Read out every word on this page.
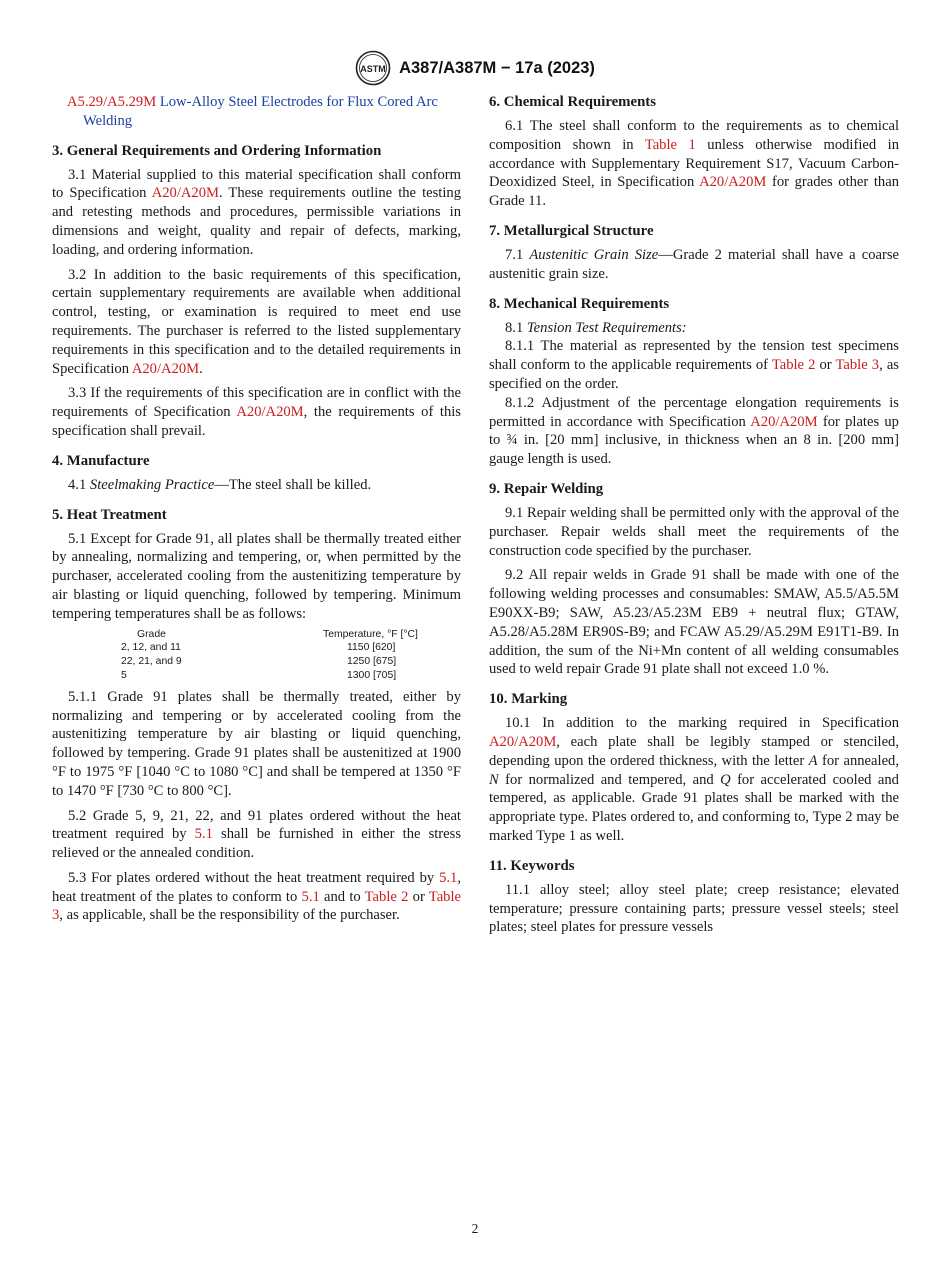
ASTM A387/A387M − 17a (2023)

A5.29/A5.29M Low-Alloy Steel Electrodes for Flux Cored Arc Welding

3. General Requirements and Ordering Information

3.1 Material supplied to this material specification shall conform to Specification A20/A20M. These requirements outline the testing and retesting methods and procedures, permissible variations in dimensions and weight, quality and repair of defects, marking, loading, and ordering information.

3.2 In addition to the basic requirements of this specification, certain supplementary requirements are available when additional control, testing, or examination is required to meet end use requirements. The purchaser is referred to the listed supplementary requirements in this specification and to the detailed requirements in Specification A20/A20M.

3.3 If the requirements of this specification are in conflict with the requirements of Specification A20/A20M, the requirements of this specification shall prevail.

4. Manufacture

4.1 Steelmaking Practice—The steel shall be killed.

5. Heat Treatment

5.1 Except for Grade 91, all plates shall be thermally treated either by annealing, normalizing and tempering, or, when permitted by the purchaser, accelerated cooling from the austenitizing temperature by air blasting or liquid quenching, followed by tempering. Minimum tempering temperatures shall be as follows:

Grade	Temperature, °F [°C]
2, 12, and 11	1150 [620]
22, 21, and 9	1250 [675]
5	1300 [705]

5.1.1 Grade 91 plates shall be thermally treated, either by normalizing and tempering or by accelerated cooling from the austenitizing temperature by air blasting or liquid quenching, followed by tempering. Grade 91 plates shall be austenitized at 1900 °F to 1975 °F [1040 °C to 1080 °C] and shall be tempered at 1350 °F to 1470 °F [730 °C to 800 °C].

5.2 Grade 5, 9, 21, 22, and 91 plates ordered without the heat treatment required by 5.1 shall be furnished in either the stress relieved or the annealed condition.

5.3 For plates ordered without the heat treatment required by 5.1, heat treatment of the plates to conform to 5.1 and to Table 2 or Table 3, as applicable, shall be the responsibility of the purchaser.

6. Chemical Requirements

6.1 The steel shall conform to the requirements as to chemical composition shown in Table 1 unless otherwise modified in accordance with Supplementary Requirement S17, Vacuum Carbon-Deoxidized Steel, in Specification A20/A20M for grades other than Grade 11.

7. Metallurgical Structure

7.1 Austenitic Grain Size—Grade 2 material shall have a coarse austenitic grain size.

8. Mechanical Requirements

8.1 Tension Test Requirements:

8.1.1 The material as represented by the tension test specimens shall conform to the applicable requirements of Table 2 or Table 3, as specified on the order.

8.1.2 Adjustment of the percentage elongation requirements is permitted in accordance with Specification A20/A20M for plates up to ¾ in. [20 mm] inclusive, in thickness when an 8 in. [200 mm] gauge length is used.

9. Repair Welding

9.1 Repair welding shall be permitted only with the approval of the purchaser. Repair welds shall meet the requirements of the construction code specified by the purchaser.

9.2 All repair welds in Grade 91 shall be made with one of the following welding processes and consumables: SMAW, A5.5/A5.5M E90XX-B9; SAW, A5.23/A5.23M EB9 + neutral flux; GTAW, A5.28/A5.28M ER90S-B9; and FCAW A5.29/A5.29M E91T1-B9. In addition, the sum of the Ni+Mn content of all welding consumables used to weld repair Grade 91 plate shall not exceed 1.0 %.

10. Marking

10.1 In addition to the marking required in Specification A20/A20M, each plate shall be legibly stamped or stenciled, depending upon the ordered thickness, with the letter A for annealed, N for normalized and tempered, and Q for accelerated cooled and tempered, as applicable. Grade 91 plates shall be marked with the appropriate type. Plates ordered to, and conforming to, Type 2 may be marked Type 1 as well.

11. Keywords

11.1 alloy steel; alloy steel plate; creep resistance; elevated temperature; pressure containing parts; pressure vessel steels; steel plates; steel plates for pressure vessels

2
